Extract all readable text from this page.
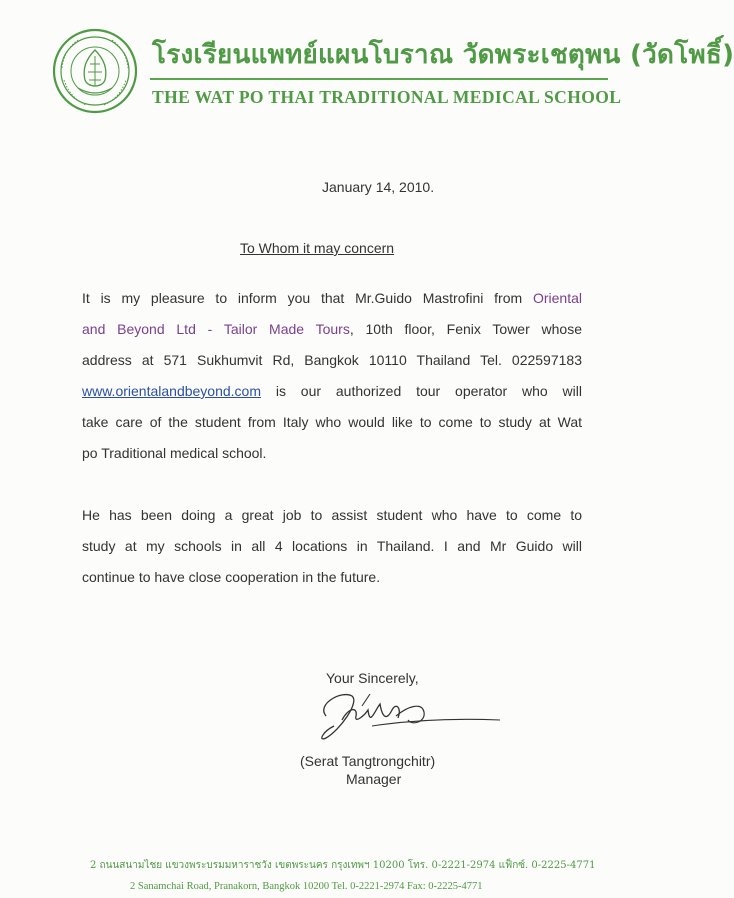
โรงเรียนแพทย์แผนโบราณ วัดพระเชตุพน (วัดโพธิ์)
THE WAT PO THAI TRADITIONAL MEDICAL SCHOOL
January 14, 2010.
To Whom it may concern
It is my pleasure to inform you that Mr.Guido Mastrofini from Oriental
and Beyond Ltd - Tailor Made Tours, 10th floor, Fenix Tower whose
address at 571 Sukhumvit Rd, Bangkok 10110 Thailand Tel. 022597183
www.orientalandbeyond.com is our authorized tour operator who will
take care of the student from Italy who would like to come to study at Wat
po Traditional medical school.
He has been doing a great job to assist student who have to come to
study at my schools in all 4 locations in Thailand. I and Mr Guido will
continue to have close cooperation in the future.
Your Sincerely,
(Serat Tangtrongchitr)
Manager
2 ถนนสนามไชย แขวงพระบรมมหาราชวัง เขตพระนคร กรุงเทพฯ 10200 โทร. 0-2221-2974 แฟ็กซ์. 0-2225-4771
2 Sanamchai Road, Pranakorn, Bangkok 10200 Tel. 0-2221-2974 Fax: 0-2225-4771
